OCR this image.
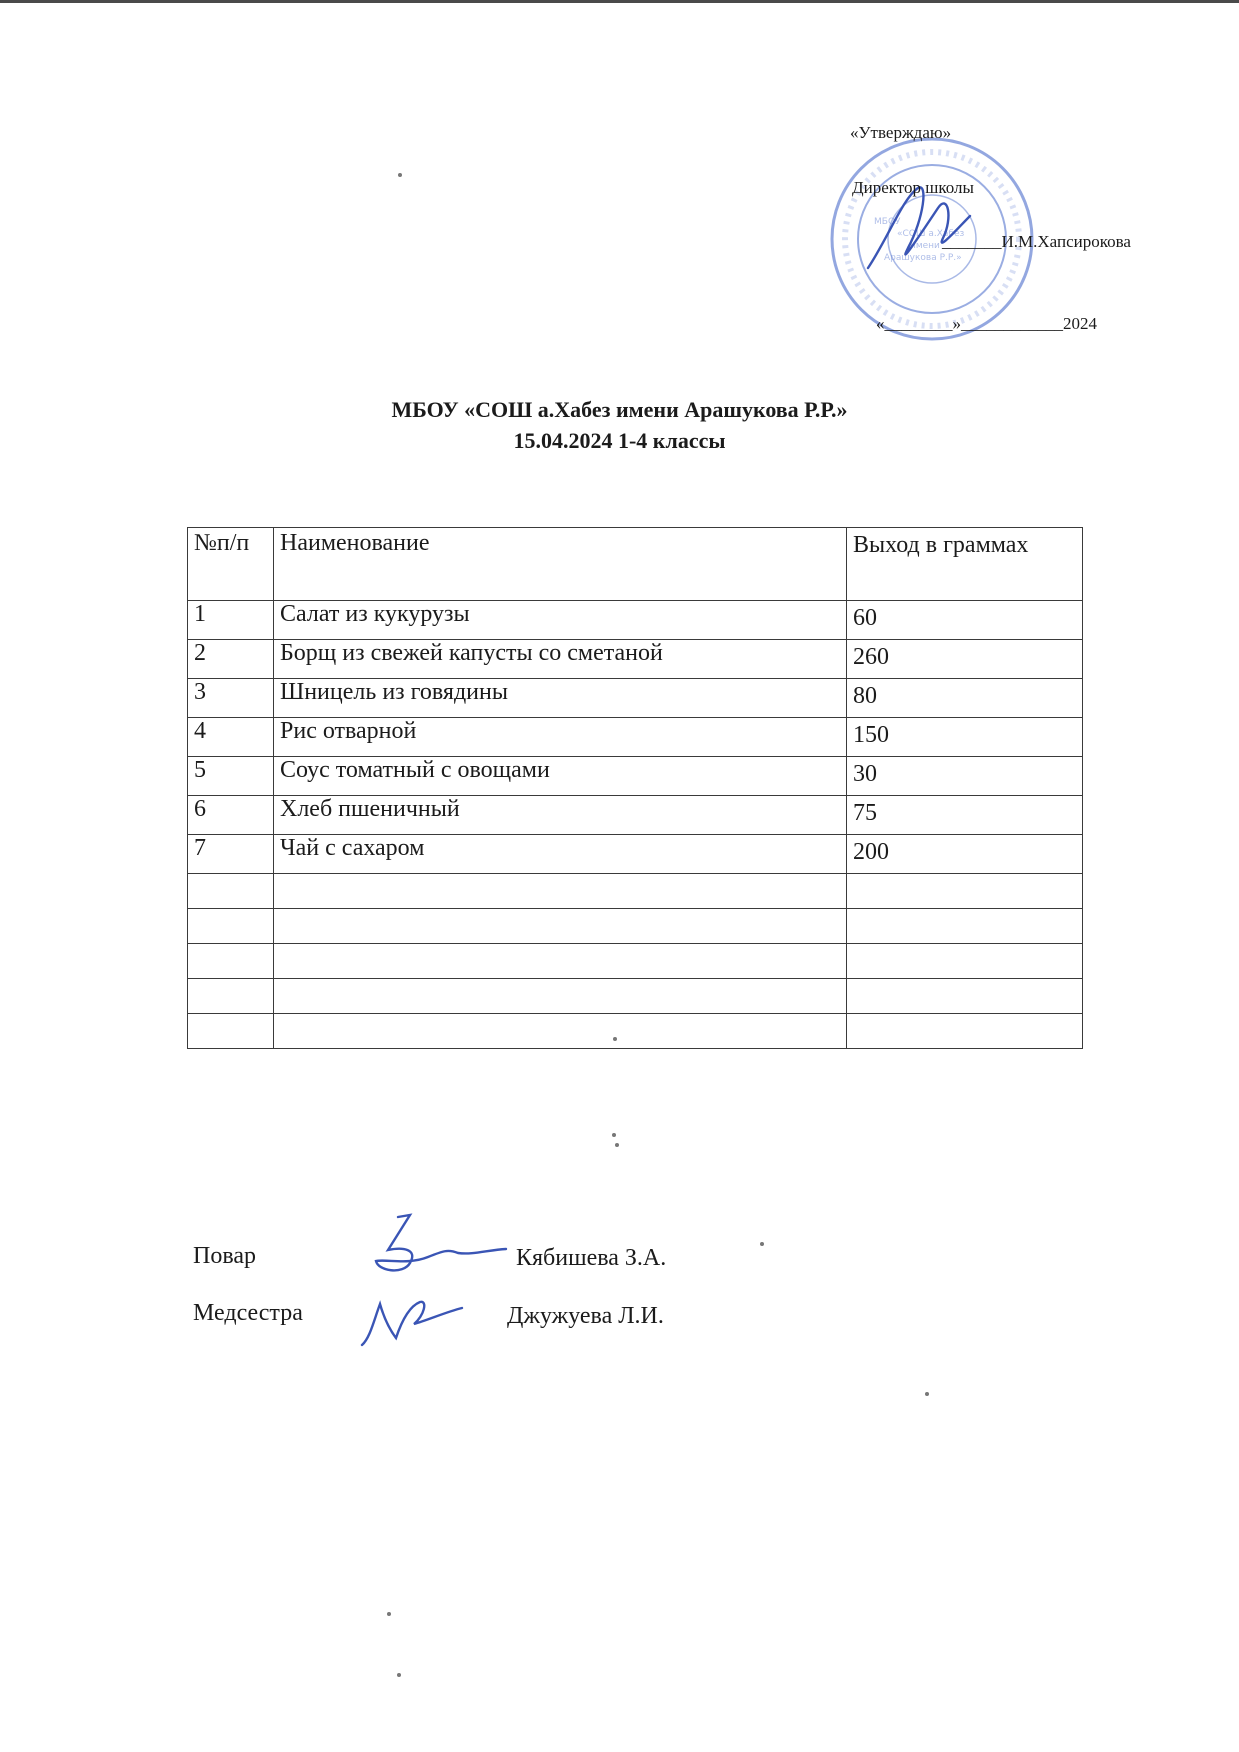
МБОУ
«СОШ а.Хабез
имени
Арашукова Р.Р.»
«Утверждаю»
Директор школы
_______И.М.Хапсирокова
«________»____________2024
МБОУ «СОШ а.Хабез имени Арашукова Р.Р.»
15.04.2024 1-4 классы
№п/п	Наименование	Выход в граммах
1	Салат из кукурузы	60
2	Борщ из свежей капусты со сметаной	260
3	Шницель из говядины	80
4	Рис отварной	150
5	Соус томатный с овощами	30
6	Хлеб пшеничный	75
7	Чай с сахаром	200

Повар	Кябишева З.А.
Медсестра	Джужуева Л.И.
